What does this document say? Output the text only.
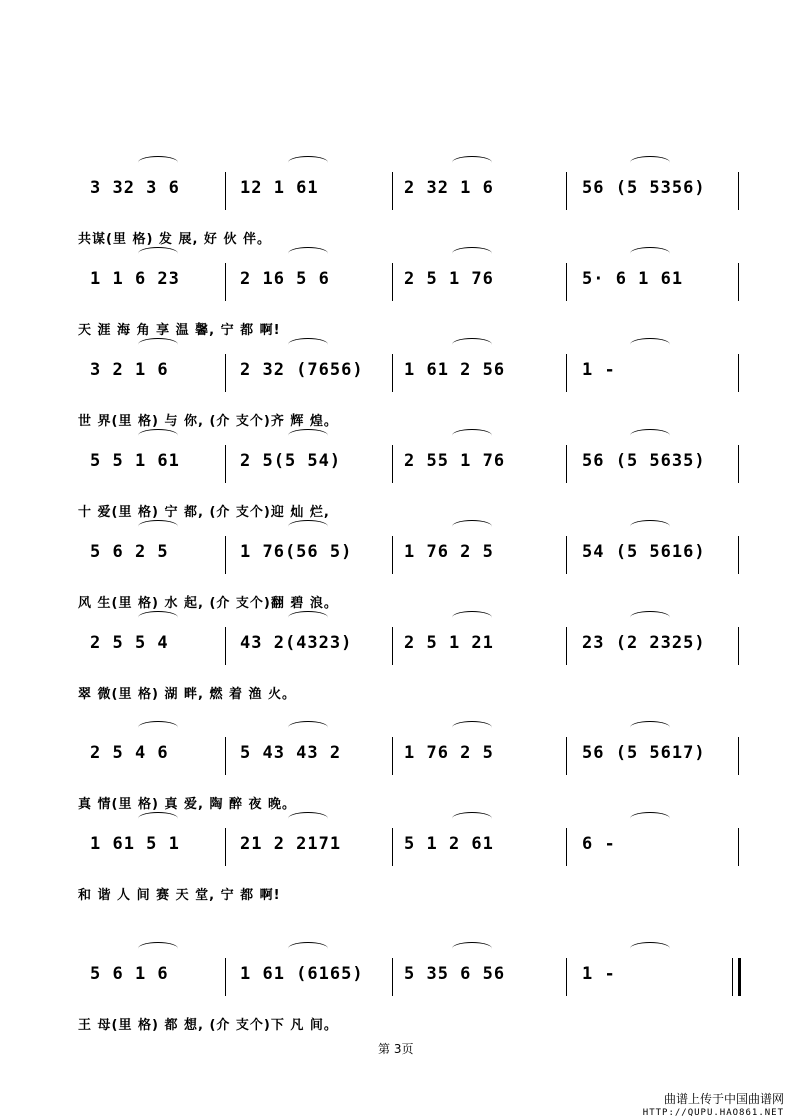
3 32 3 6	12 1 61	2 32 1 6	56 (5 5356)
共谋(里 格) 发 展, 好 伙 伴。
1 1 6 23	2 16 5 6	2 5 1 76	5· 6 1 61
天 涯 海 角 享 温 馨, 宁 都 啊!
3 2 1 6	2 32 (7656)	1 61 2 56	1 -
世 界(里 格) 与 你, (介 支个)齐 辉 煌。
5 5 1 61	2 5(5 54)	2 55 1 76	56 (5 5635)
十 爱(里 格) 宁 都, (介 支个)迎 灿 烂,
5 6 2 5	1 76(56 5)	1 76 2 5	54 (5 5616)
风 生(里 格) 水 起, (介 支个)翻 碧 浪。
2 5 5 4	43 2(4323)	2 5 1 21	23 (2 2325)
翠 微(里 格) 湖 畔, 燃 着 渔 火。
2 5 4 6	5 43 43 2	1 76 2 5	56 (5 5617)
真 情(里 格) 真 爱, 陶 醉 夜 晚。
1 61 5 1	21 2 2171	5 1 2 61	6 -
和 谐 人 间 赛 天 堂, 宁 都 啊!
5 6 1 6	1 61 (6165)	5 35 6 56	1 -
王 母(里 格) 都 想, (介 支个)下 凡 间。
第 3页
曲谱上传于中国曲谱网
HTTP://QUPU.HAO861.NET
